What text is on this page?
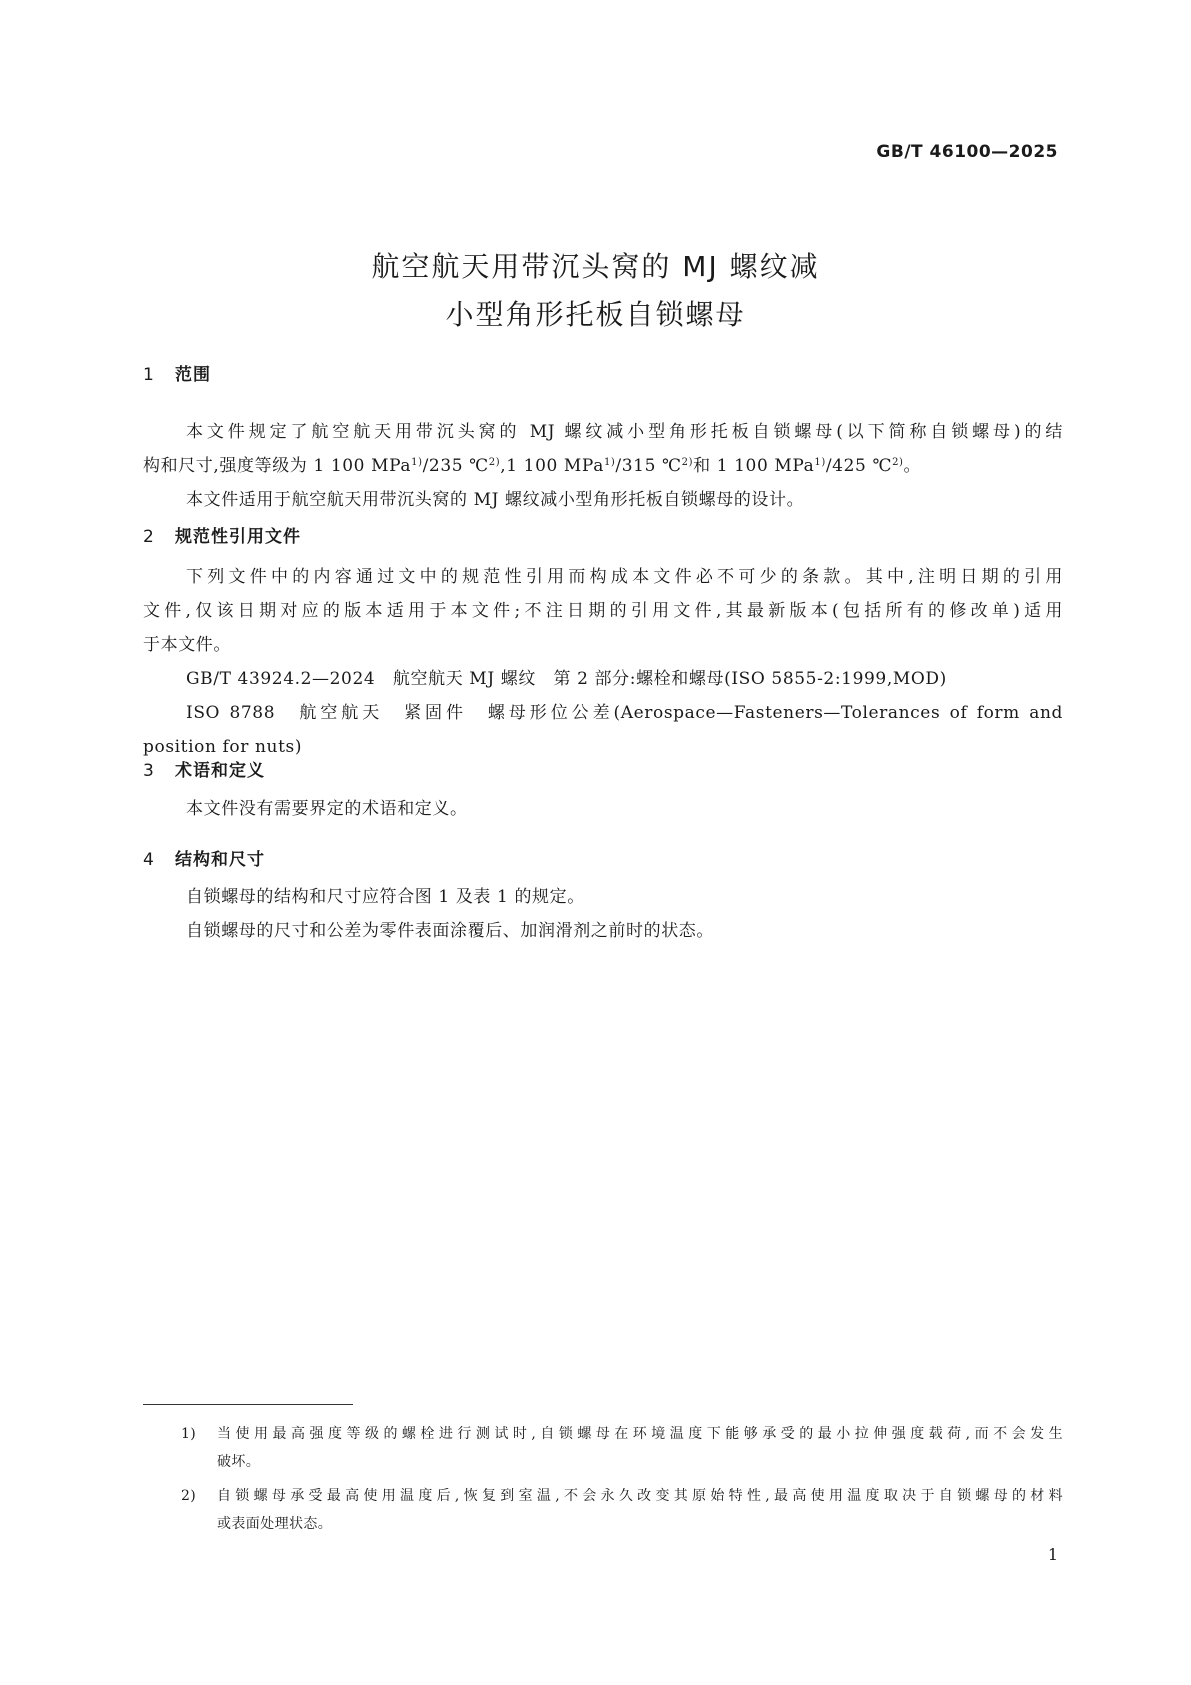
GB/T 46100—2025
航空航天用带沉头窝的 MJ 螺纹减
小型角形托板自锁螺母
1 范围
本文件规定了航空航天用带沉头窝的 MJ 螺纹减小型角形托板自锁螺母(以下简称自锁螺母)的结
构和尺寸,强度等级为 1 100 MPa$^{1)}$/235 ℃$^{2)}$,1 100 MPa$^{1)}$/315 ℃$^{2)}$和 1 100 MPa$^{1)}$/425 ℃$^{2)}$。
本文件适用于航空航天用带沉头窝的 MJ 螺纹减小型角形托板自锁螺母的设计。
2 规范性引用文件
下列文件中的内容通过文中的规范性引用而构成本文件必不可少的条款。其中,注明日期的引用
文件,仅该日期对应的版本适用于本文件;不注日期的引用文件,其最新版本(包括所有的修改单)适用
于本文件。
GB/T 43924.2—2024　航空航天 MJ 螺纹　第 2 部分:螺栓和螺母(ISO 5855-2:1999,MOD)
ISO 8788　航空航天　紧固件　螺母形位公差(Aerospace—Fasteners—Tolerances of form and
position for nuts)
3 术语和定义
本文件没有需要界定的术语和定义。
4 结构和尺寸
自锁螺母的结构和尺寸应符合图 1 及表 1 的规定。
自锁螺母的尺寸和公差为零件表面涂覆后、加润滑剂之前时的状态。
1) 当使用最高强度等级的螺栓进行测试时,自锁螺母在环境温度下能够承受的最小拉伸强度载荷,而不会发生
破坏。
2) 自锁螺母承受最高使用温度后,恢复到室温,不会永久改变其原始特性,最高使用温度取决于自锁螺母的材料
或表面处理状态。
1
